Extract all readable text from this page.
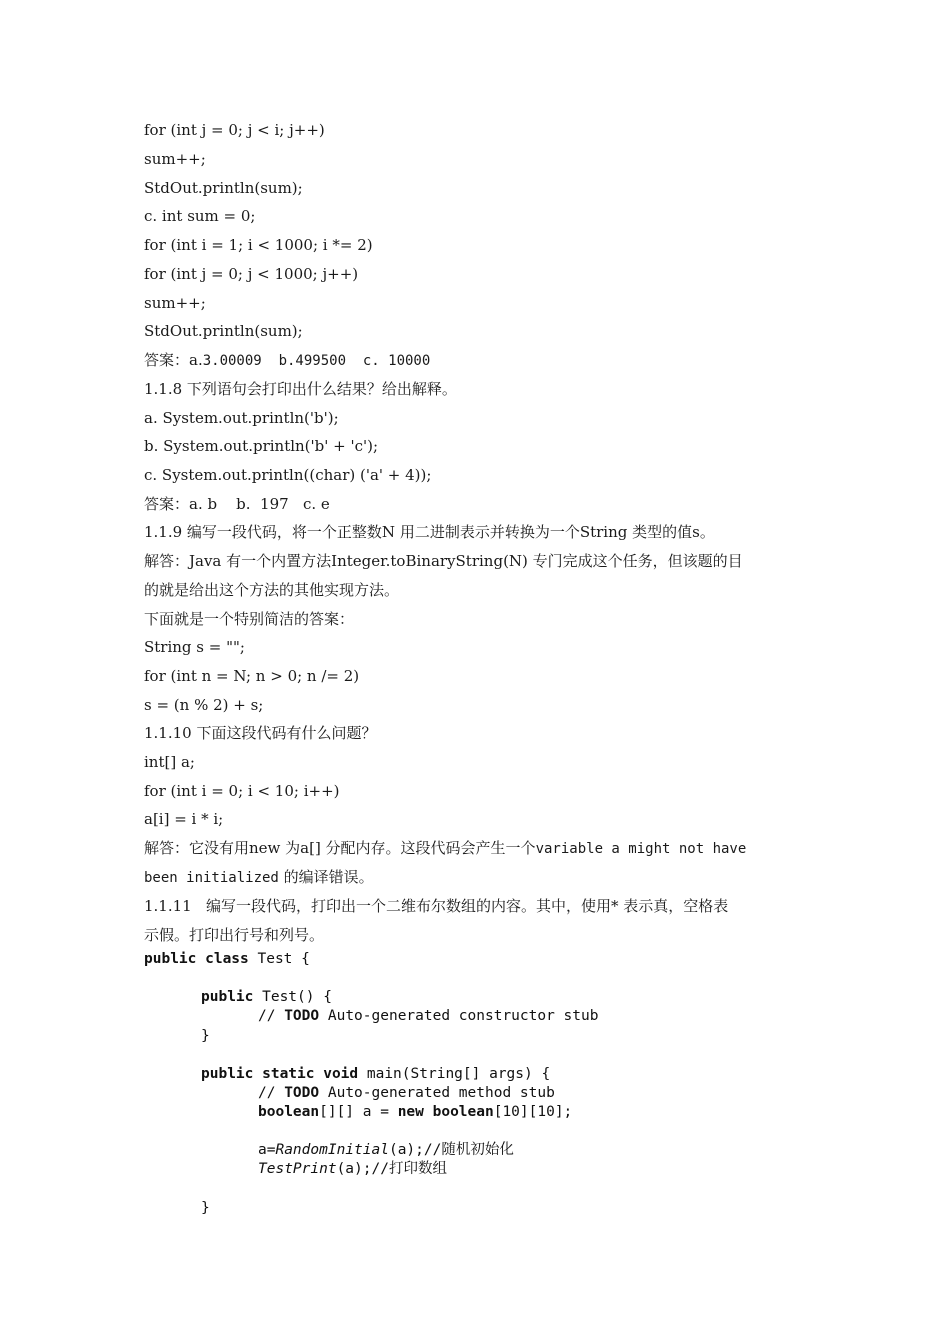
for (int j = 0; j < i; j++)
sum++;
StdOut.println(sum);
c. int sum = 0;
for (int i = 1; i < 1000; i *= 2)
for (int j = 0; j < 1000; j++)
sum++;
StdOut.println(sum);
答案：a.3.00009  b.499500  c. 10000
1.1.8 下列语句会打印出什么结果？给出解释。
a. System.out.println('b');
b. System.out.println('b' + 'c');
c. System.out.println((char) ('a' + 4));
答案：a. b    b.  197   c. e
1.1.9 编写一段代码，将一个正整数N 用二进制表示并转换为一个String 类型的值s。
解答：Java 有一个内置方法Integer.toBinaryString(N) 专门完成这个任务，但该题的目
的就是给出这个方法的其他实现方法。
下面就是一个特别简洁的答案：
String s = "";
for (int n = N; n > 0; n /= 2)
s = (n % 2) + s;
1.1.10 下面这段代码有什么问题？
int[] a;
for (int i = 0; i < 10; i++)
a[i] = i * i;
解答：它没有用new 为a[] 分配内存。这段代码会产生一个variable a might not have
been initialized 的编译错误。
1.1.11   编写一段代码，打印出一个二维布尔数组的内容。其中，使用* 表示真，空格表
示假。打印出行号和列号。
public class Test {
public Test() {
// TODO Auto-generated constructor stub
}
public static void main(String[] args) {
// TODO Auto-generated method stub
boolean[][] a = new boolean[10][10];
a=RandomInitial(a);//随机初始化
TestPrint(a);//打印数组
}
